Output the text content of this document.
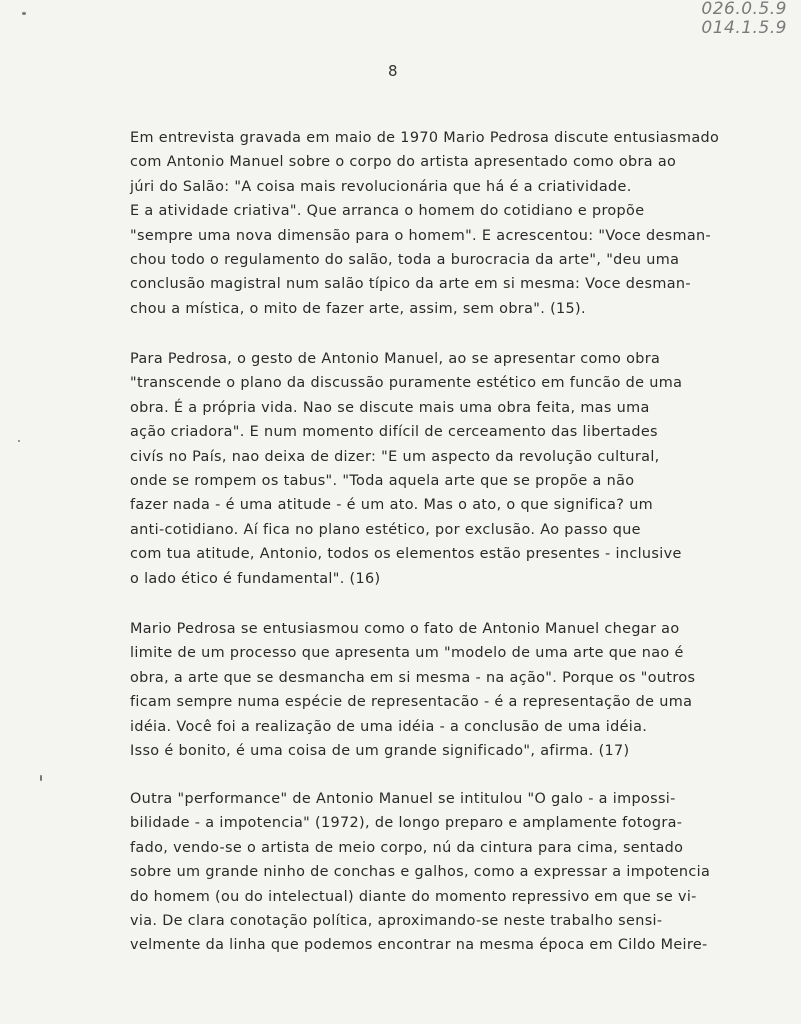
026.0.5.9
014.1.5.9
8
Em entrevista gravada em maio de 1970 Mario Pedrosa discute entusiasmado
com Antonio Manuel sobre o corpo do artista apresentado como obra ao
júri do Salão: "A coisa mais revolucionária que há é a criatividade.
E a atividade criativa". Que arranca o homem do cotidiano e propõe
"sempre uma nova dimensão para o homem". E acrescentou: "Voce desman-
chou todo o regulamento do salão, toda a burocracia da arte", "deu uma
conclusão magistral num salão típico da arte em si mesma: Voce desman-
chou a mística, o mito de fazer arte, assim, sem obra". (15).
Para Pedrosa, o gesto de Antonio Manuel, ao se apresentar como obra
"transcende o plano da discussão puramente estético em funcão de uma
obra. É a própria vida. Nao se discute mais uma obra feita, mas uma
ação criadora". E num momento difícil de cerceamento das libertades
civís no País, nao deixa de dizer: "E um aspecto da revolução cultural,
onde se rompem os tabus". "Toda aquela arte que se propõe a não
fazer nada - é uma atitude - é um ato. Mas o ato, o que significa? um
anti-cotidiano. Aí fica no plano estético, por exclusão. Ao passo que
com tua atitude, Antonio, todos os elementos estão presentes - inclusive
o lado ético é fundamental". (16)
Mario Pedrosa se entusiasmou como o fato de Antonio Manuel chegar ao
limite de um processo que apresenta um "modelo de uma arte que nao é
obra, a arte que se desmancha em si mesma - na ação". Porque os "outros
ficam sempre numa espécie de representacão - é a representação de uma
idéia. Você foi a realização de uma idéia - a conclusão de uma idéia.
Isso é bonito, é uma coisa de um grande significado", afirma. (17)
Outra "performance" de Antonio Manuel se intitulou "O galo - a impossi-
bilidade - a impotencia" (1972), de longo preparo e amplamente fotogra-
fado, vendo-se o artista de meio corpo, nú da cintura para cima, sentado
sobre um grande ninho de conchas e galhos, como a expressar a impotencia
do homem (ou do intelectual) diante do momento repressivo em que se vi-
via. De clara conotação política, aproximando-se neste trabalho sensi-
velmente da linha que podemos encontrar na mesma época em Cildo Meire-
